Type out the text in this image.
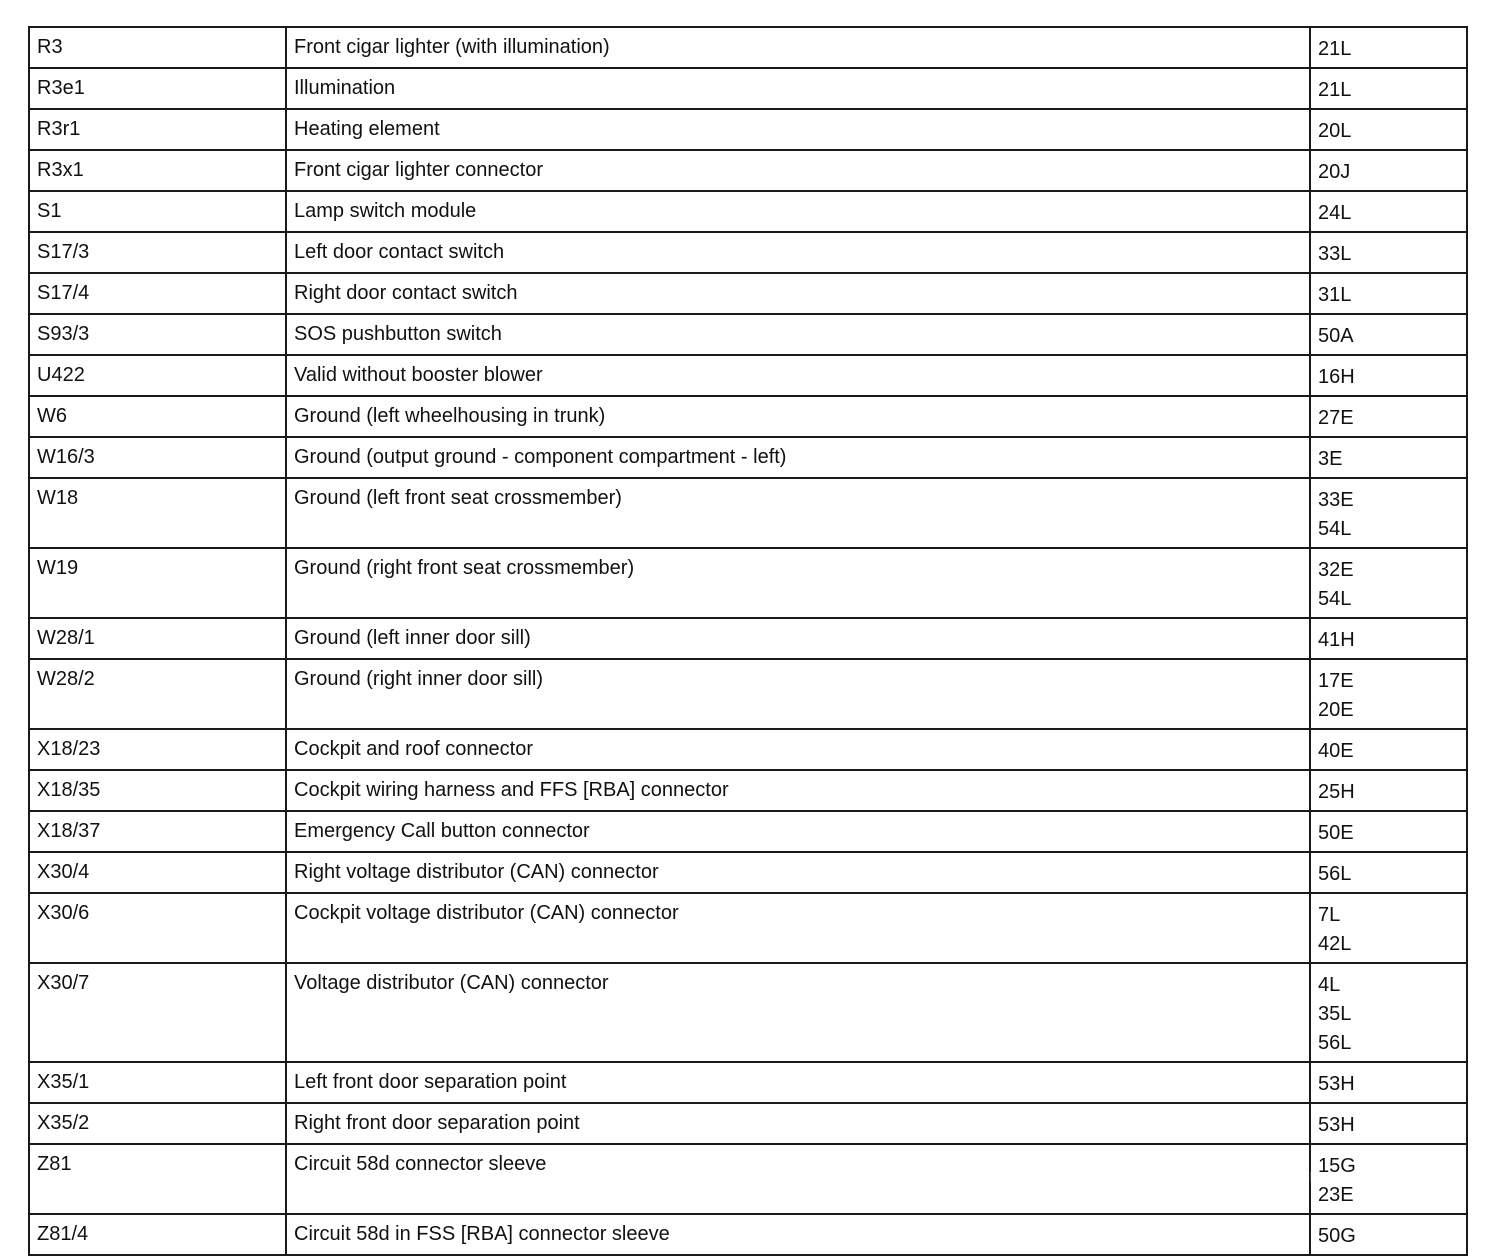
R3	Front cigar lighter (with illumination)	21L

R3e1	Illumination	21L

R3r1	Heating element	20L

R3x1	Front cigar lighter connector	20J

S1	Lamp switch module	24L

S17/3	Left door contact switch	33L

S17/4	Right door contact switch	31L

S93/3	SOS pushbutton switch	50A

U422	Valid without booster blower	16H

W6	Ground (left wheelhousing in trunk)	27E

W16/3	Ground (output ground - component compartment - left)	3E

W18	Ground (left front seat crossmember)	33E
54L

W19	Ground (right front seat crossmember)	32E
54L

W28/1	Ground (left inner door sill)	41H

W28/2	Ground (right inner door sill)	17E
20E

X18/23	Cockpit and roof connector	40E

X18/35	Cockpit wiring harness and FFS [RBA] connector	25H

X18/37	Emergency Call button connector	50E

X30/4	Right voltage distributor (CAN) connector	56L

X30/6	Cockpit voltage distributor (CAN) connector	7L
42L

X30/7	Voltage distributor (CAN) connector	4L
35L
56L

X35/1	Left front door separation point	53H

X35/2	Right front door separation point	53H

Z81	Circuit 58d connector sleeve	15G
23E

Z81/4	Circuit 58d in FSS [RBA] connector sleeve	50G
